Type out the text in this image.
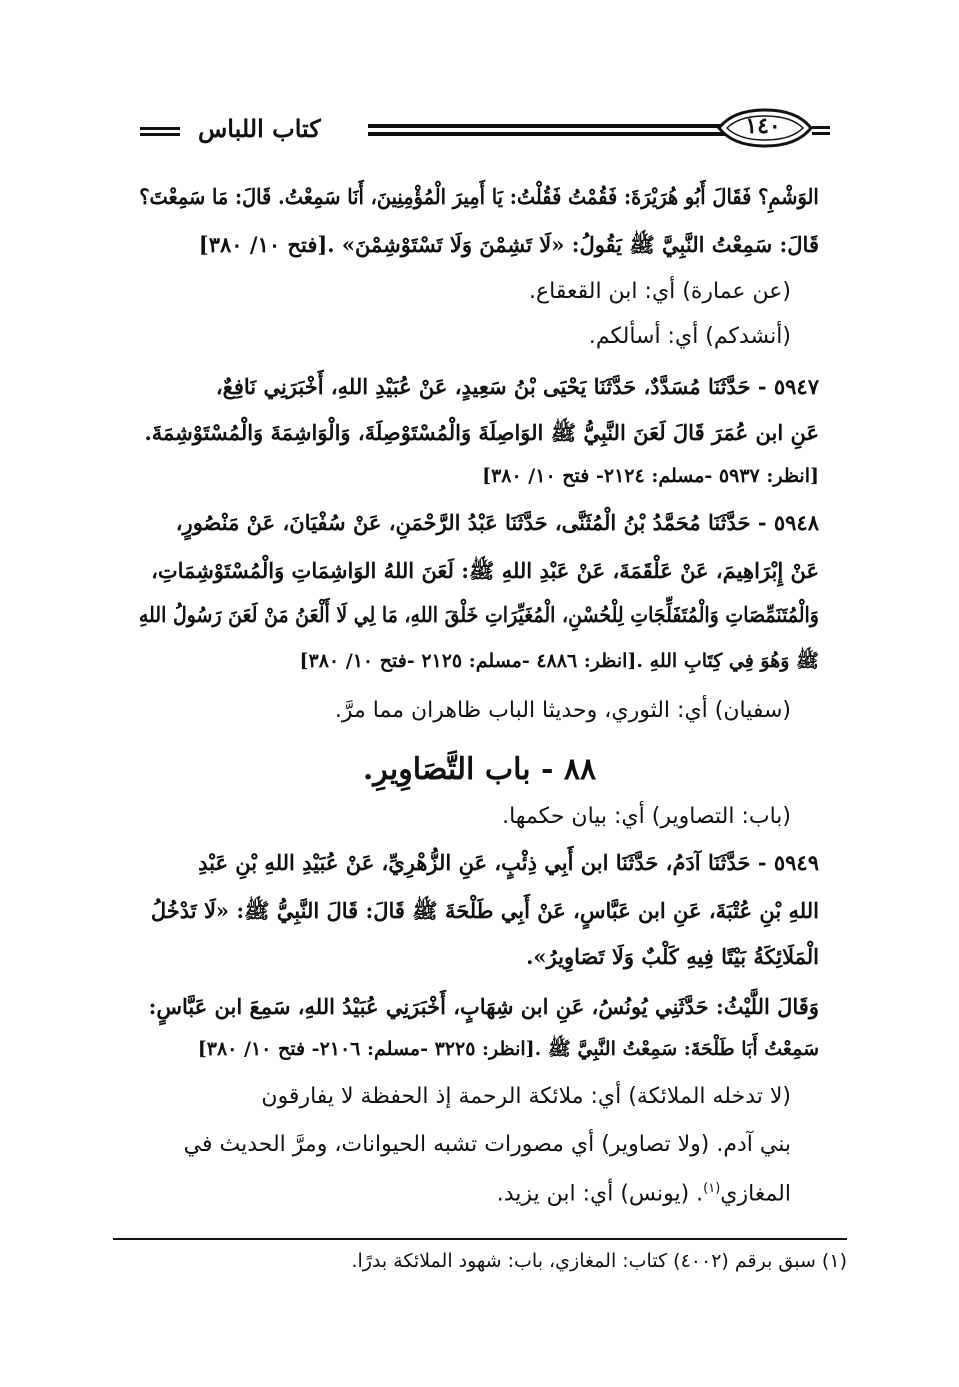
كتاب اللباس	١٤٠
الوَشْمِ؟ فَقَالَ أَبُو هُرَيْرَةَ: فَقُمْتُ فَقُلْتُ: يَا أَمِيرَ الْمُؤْمِنِينَ، أَنَا سَمِعْتُ. قَالَ: مَا سَمِعْتَ؟
قَالَ: سَمِعْتُ النَّبِيَّ ﷺ يَقُولُ: «لَا تَشِمْنَ وَلَا تَسْتَوْشِمْنَ» .[فتح ١٠/ ٣٨٠]
(عن عمارة) أي: ابن القعقاع.
(أنشدكم) أي: أسألكم.
٥٩٤٧ - حَدَّثَنَا مُسَدَّدٌ، حَدَّثَنَا يَحْيَى بْنُ سَعِيدٍ، عَنْ عُبَيْدِ اللهِ، أَخْبَرَنِي نَافِعٌ،
عَنِ ابن عُمَرَ قَالَ لَعَنَ النَّبِيُّ ﷺ الوَاصِلَةَ وَالْمُسْتَوْصِلَةَ، وَالْوَاشِمَةَ وَالْمُسْتَوْشِمَةَ.
[انظر: ٥٩٣٧ -مسلم: ٢١٢٤- فتح ١٠/ ٣٨٠]
٥٩٤٨ - حَدَّثَنَا مُحَمَّدُ بْنُ الْمُثَنَّى، حَدَّثَنَا عَبْدُ الرَّحْمَنِ، عَنْ سُفْيَانَ، عَنْ مَنْصُورٍ،
عَنْ إِبْرَاهِيمَ، عَنْ عَلْقَمَةَ، عَنْ عَبْدِ اللهِ ﷺ: لَعَنَ اللهُ الوَاشِمَاتِ وَالْمُسْتَوْشِمَاتِ،
وَالْمُتَنَمِّصَاتِ وَالْمُتَفَلِّجَاتِ لِلْحُسْنِ، الْمُغَيِّرَاتِ خَلْقَ اللهِ، مَا لِي لَا أَلْعَنُ مَنْ لَعَنَ رَسُولُ اللهِ
ﷺ وَهُوَ فِي كِتَابِ اللهِ .[انظر: ٤٨٨٦ -مسلم: ٢١٢٥ -فتح ١٠/ ٣٨٠]
(سفيان) أي: الثوري، وحديثا الباب ظاهران مما مرَّ.
٨٨ - باب التَّصَاوِيرِ.
(باب: التصاوير) أي: بيان حكمها.
٥٩٤٩ - حَدَّثَنَا آدَمُ، حَدَّثَنَا ابن أَبِي ذِئْبٍ، عَنِ الزُّهْرِيِّ، عَنْ عُبَيْدِ اللهِ بْنِ عَبْدِ
اللهِ بْنِ عُتْبَةَ، عَنِ ابن عَبَّاسٍ، عَنْ أَبِي طَلْحَةَ ﷺ قَالَ: قَالَ النَّبِيُّ ﷺ: «لَا تَدْخُلُ
الْمَلَائِكَةُ بَيْتًا فِيهِ كَلْبٌ وَلَا تَصَاوِيرُ».
وَقَالَ اللَّيْثُ: حَدَّثَنِي يُونُسُ، عَنِ ابن شِهَابٍ، أَخْبَرَنِي عُبَيْدُ اللهِ، سَمِعَ ابن عَبَّاسٍ:
سَمِعْتُ أَبَا طَلْحَةَ: سَمِعْتُ النَّبِيَّ ﷺ .[انظر: ٣٢٢٥ -مسلم: ٢١٠٦- فتح ١٠/ ٣٨٠]
(لا تدخله الملائكة) أي: ملائكة الرحمة إذ الحفظة لا يفارقون
بني آدم. (ولا تصاوير) أي مصورات تشبه الحيوانات، ومرَّ الحديث في
المغازي$^{(١)}$. (يونس) أي: ابن يزيد.
(١) سبق برقم (٤٠٠٢) كتاب: المغازي، باب: شهود الملائكة بدرًا.
